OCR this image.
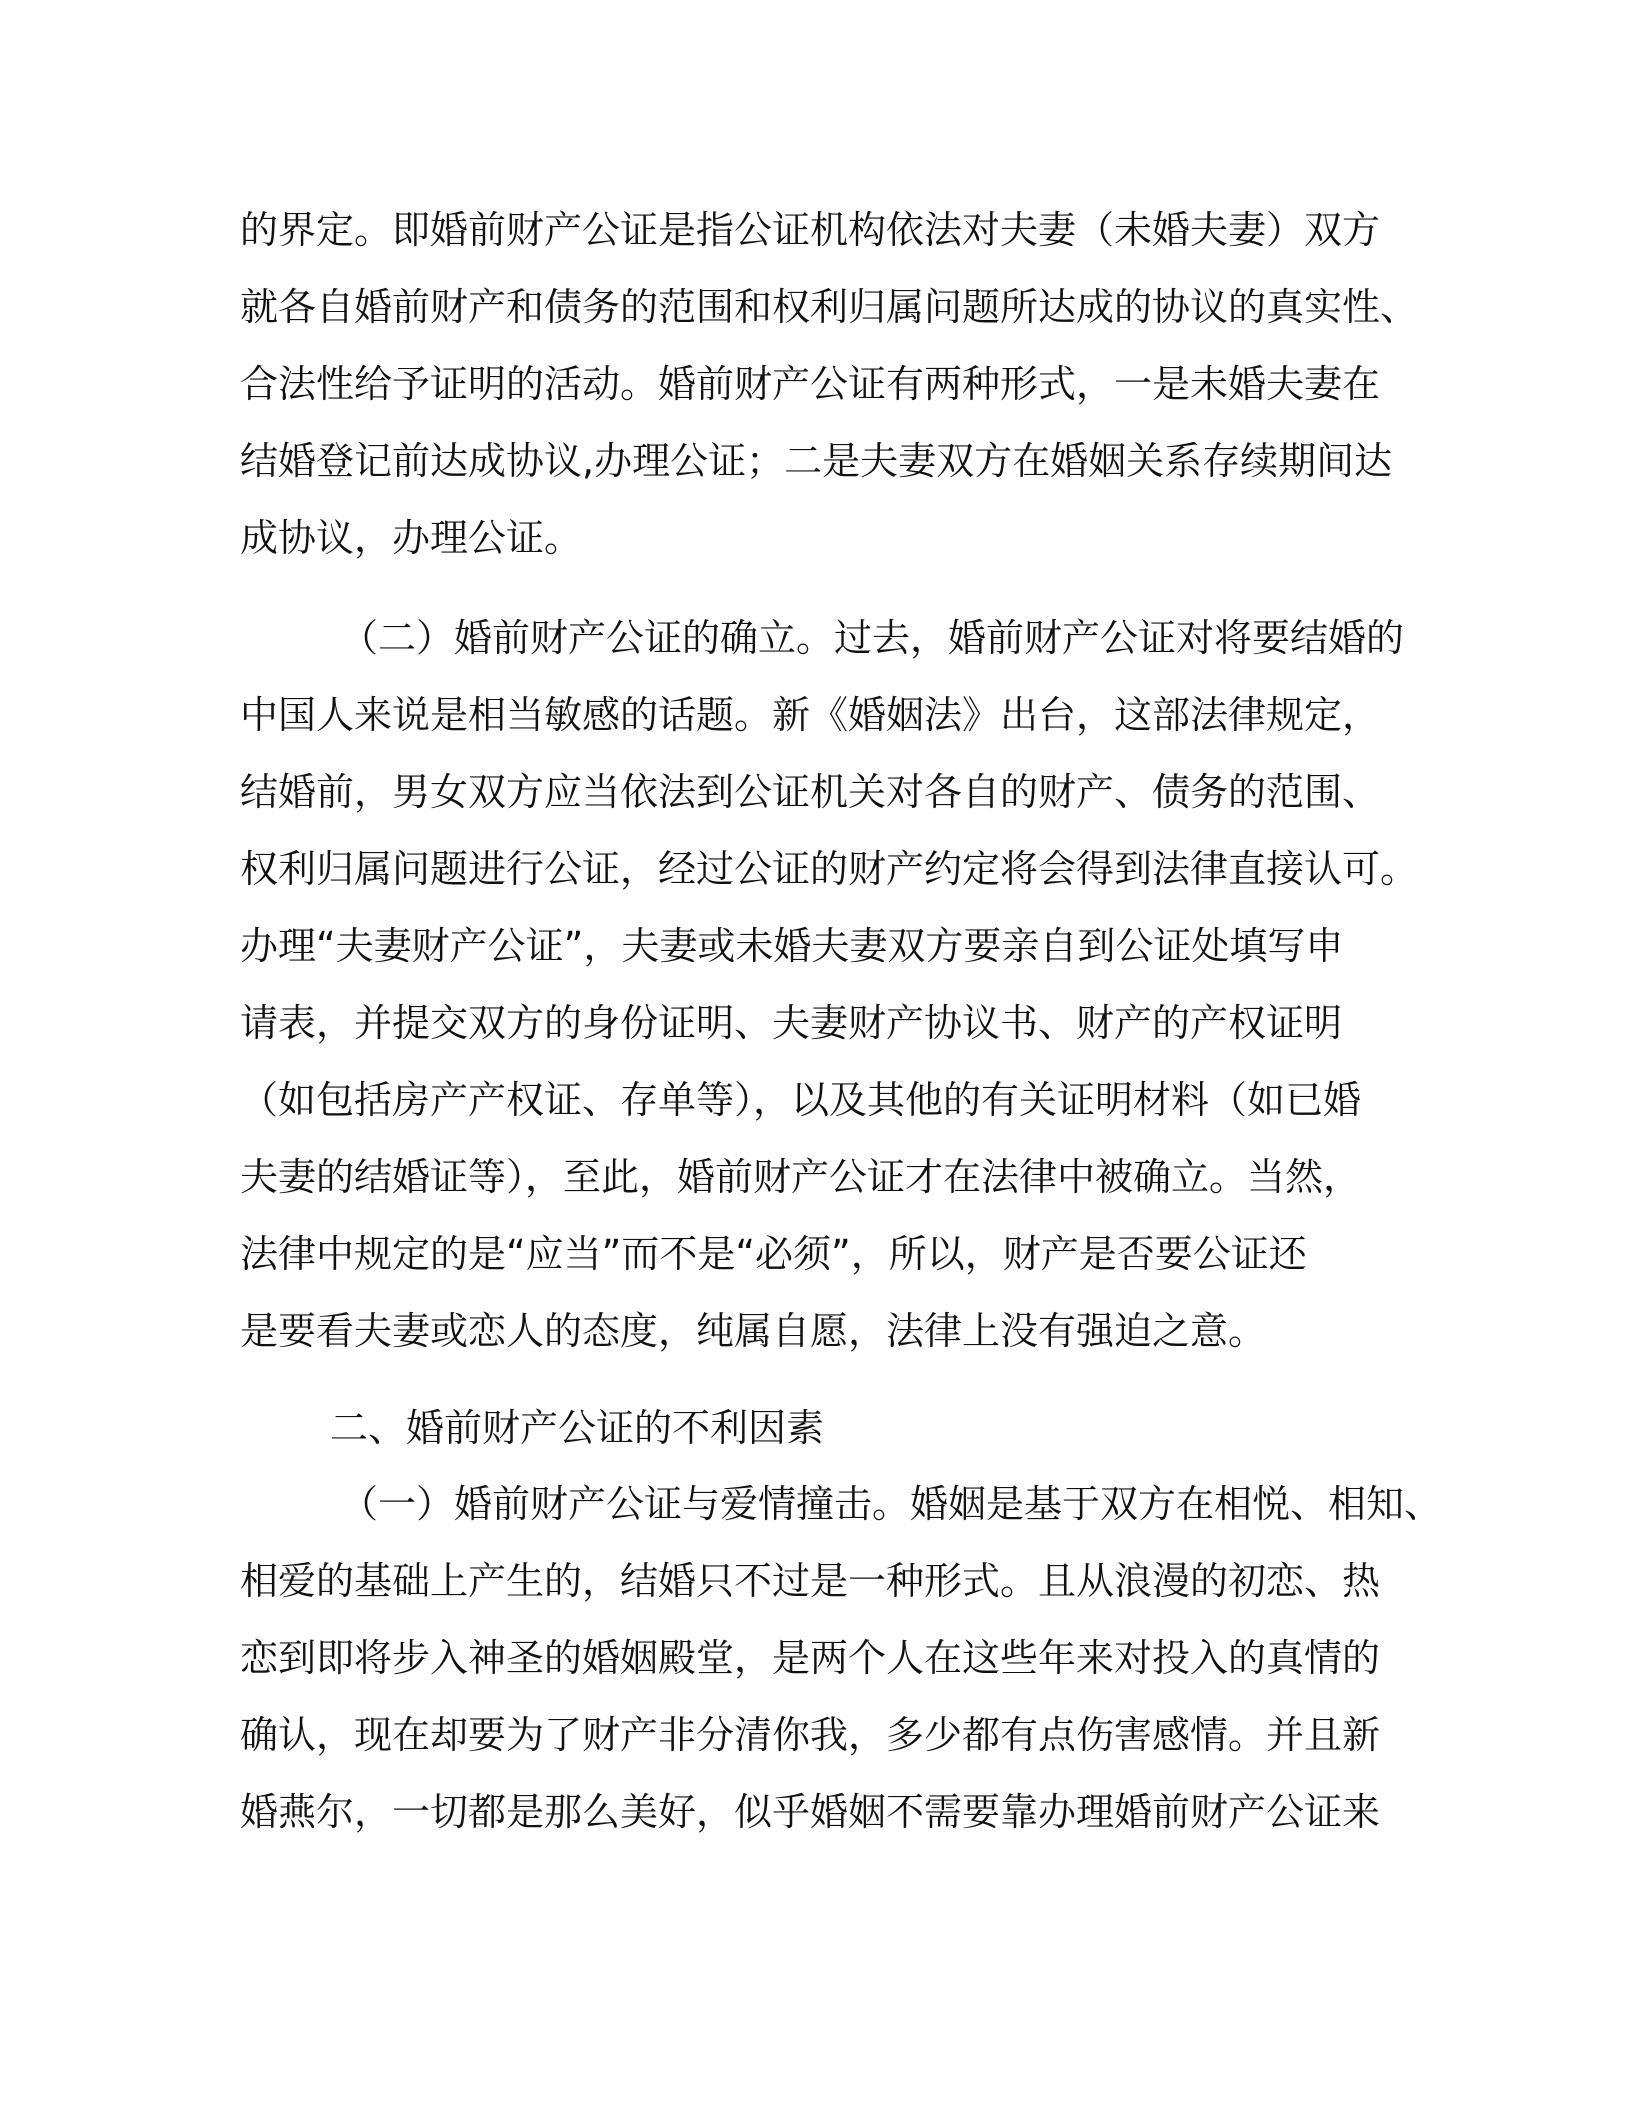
的界定。即婚前财产公证是指公证机构依法对夫妻（未婚夫妻）双方
就各自婚前财产和债务的范围和权利归属问题所达成的协议的真实性、
合法性给予证明的活动。婚前财产公证有两种形式，一是未婚夫妻在
结婚登记前达成协议,办理公证；二是夫妻双方在婚姻关系存续期间达
成协议，办理公证。
（二）婚前财产公证的确立。过去，婚前财产公证对将要结婚的
中国人来说是相当敏感的话题。新《婚姻法》出台，这部法律规定，
结婚前，男女双方应当依法到公证机关对各自的财产、债务的范围、
权利归属问题进行公证，经过公证的财产约定将会得到法律直接认可。
办理“夫妻财产公证”，夫妻或未婚夫妻双方要亲自到公证处填写申
请表，并提交双方的身份证明、夫妻财产协议书、财产的产权证明
（如包括房产产权证、存单等），以及其他的有关证明材料（如已婚
夫妻的结婚证等），至此，婚前财产公证才在法律中被确立。当然，
法律中规定的是“应当”而不是“必须”，所以，财产是否要公证还
是要看夫妻或恋人的态度，纯属自愿，法律上没有强迫之意。
二、婚前财产公证的不利因素
（一）婚前财产公证与爱情撞击。婚姻是基于双方在相悦、相知、
相爱的基础上产生的，结婚只不过是一种形式。且从浪漫的初恋、热
恋到即将步入神圣的婚姻殿堂，是两个人在这些年来对投入的真情的
确认，现在却要为了财产非分清你我，多少都有点伤害感情。并且新
婚燕尔，一切都是那么美好，似乎婚姻不需要靠办理婚前财产公证来
